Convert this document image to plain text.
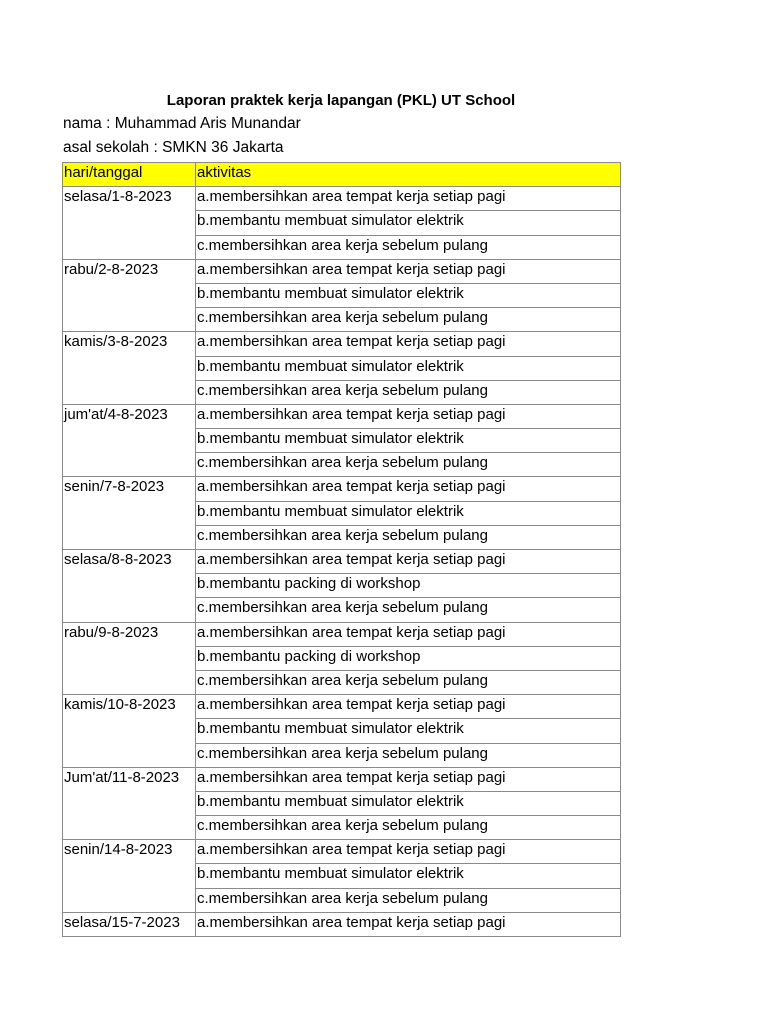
Laporan praktek kerja lapangan (PKL) UT School
nama : Muhammad Aris Munandar
asal sekolah : SMKN 36 Jakarta
hari/tanggal	aktivitas
selasa/1-8-2023	a.membersihkan area tempat kerja setiap pagi
	b.membantu membuat simulator elektrik
	c.membersihkan area kerja sebelum pulang
rabu/2-8-2023	a.membersihkan area tempat kerja setiap pagi
	b.membantu membuat simulator elektrik
	c.membersihkan area kerja sebelum pulang
kamis/3-8-2023	a.membersihkan area tempat kerja setiap pagi
	b.membantu membuat simulator elektrik
	c.membersihkan area kerja sebelum pulang
jum'at/4-8-2023	a.membersihkan area tempat kerja setiap pagi
	b.membantu membuat simulator elektrik
	c.membersihkan area kerja sebelum pulang
senin/7-8-2023	a.membersihkan area tempat kerja setiap pagi
	b.membantu membuat simulator elektrik
	c.membersihkan area kerja sebelum pulang
selasa/8-8-2023	a.membersihkan area tempat kerja setiap pagi
	b.membantu packing di workshop
	c.membersihkan area kerja sebelum pulang
rabu/9-8-2023	a.membersihkan area tempat kerja setiap pagi
	b.membantu packing di workshop
	c.membersihkan area kerja sebelum pulang
kamis/10-8-2023	a.membersihkan area tempat kerja setiap pagi
	b.membantu membuat simulator elektrik
	c.membersihkan area kerja sebelum pulang
Jum'at/11-8-2023	a.membersihkan area tempat kerja setiap pagi
	b.membantu membuat simulator elektrik
	c.membersihkan area kerja sebelum pulang
senin/14-8-2023	a.membersihkan area tempat kerja setiap pagi
	b.membantu membuat simulator elektrik
	c.membersihkan area kerja sebelum pulang
selasa/15-7-2023	a.membersihkan area tempat kerja setiap pagi
